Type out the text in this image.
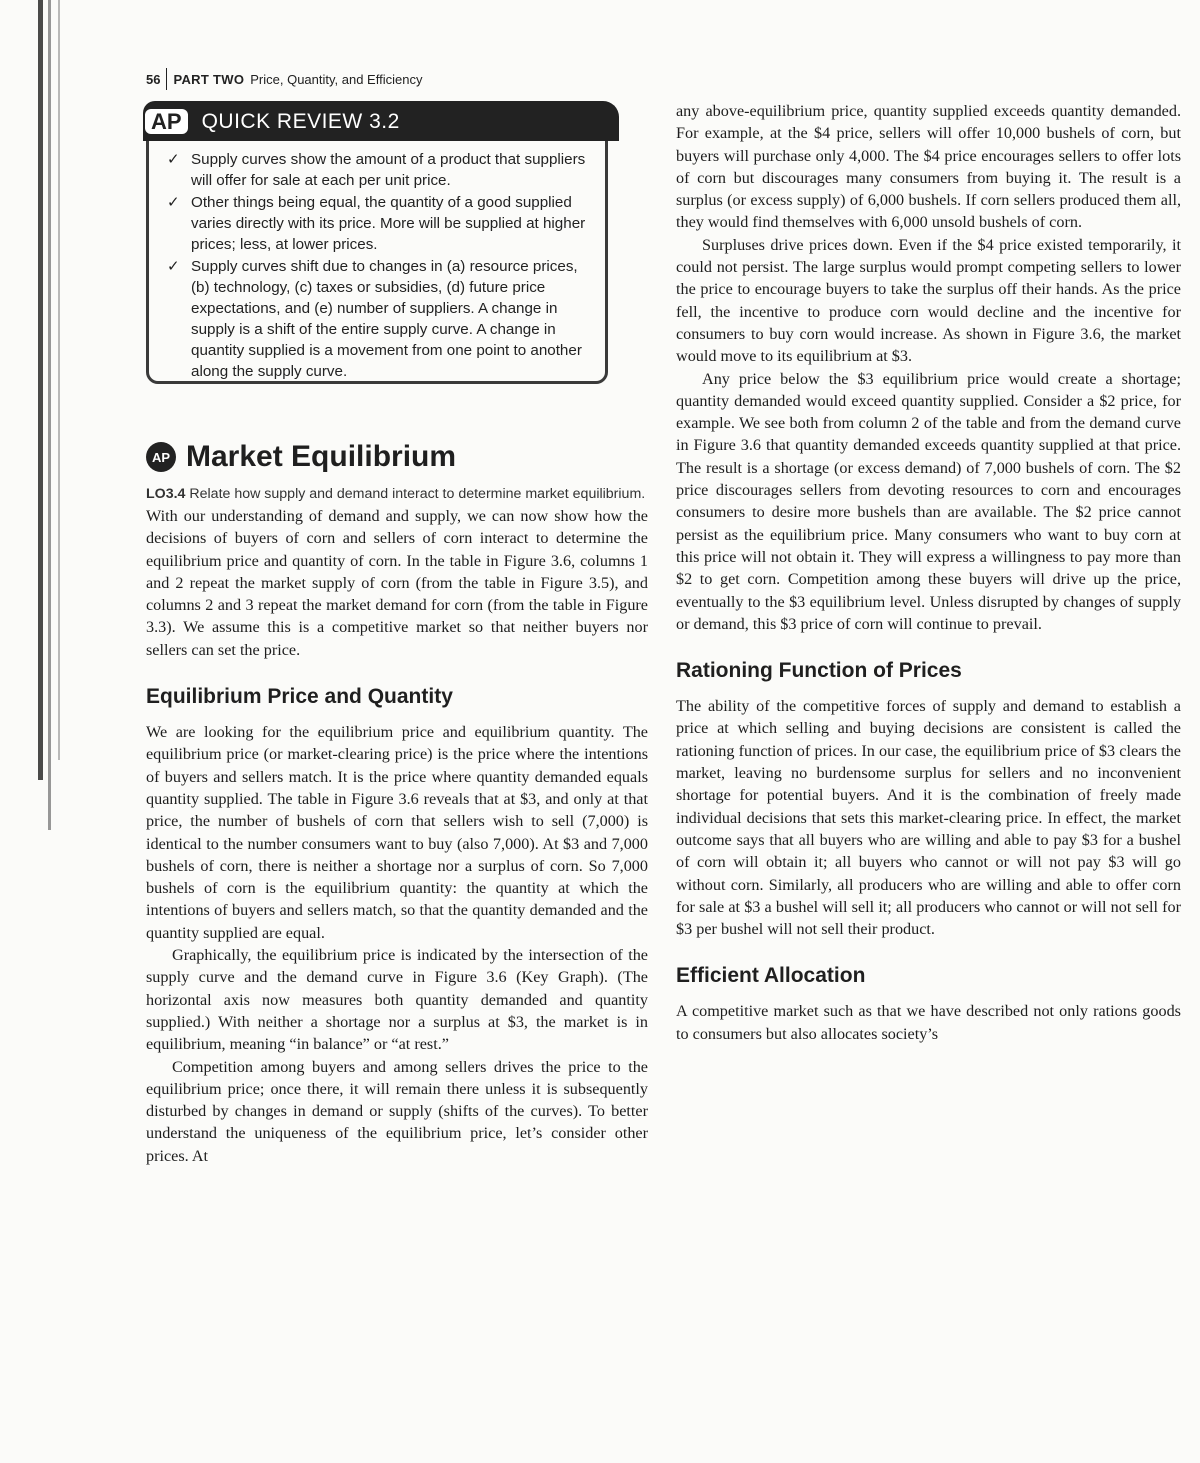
56 PART TWO Price, Quantity, and Efficiency
AP QUICK REVIEW 3.2
✓ Supply curves show the amount of a product that suppliers will offer for sale at each per unit price.
✓ Other things being equal, the quantity of a good supplied varies directly with its price. More will be supplied at higher prices; less, at lower prices.
✓ Supply curves shift due to changes in (a) resource prices, (b) technology, (c) taxes or subsidies, (d) future price expectations, and (e) number of suppliers. A change in supply is a shift of the entire supply curve. A change in quantity supplied is a movement from one point to another along the supply curve.
AP Market Equilibrium
LO3.4 Relate how supply and demand interact to determine market equilibrium.

With our understanding of demand and supply, we can now show how the decisions of buyers of corn and sellers of corn interact to determine the equilibrium price and quantity of corn. In the table in Figure 3.6, columns 1 and 2 repeat the market supply of corn (from the table in Figure 3.5), and columns 2 and 3 repeat the market demand for corn (from the table in Figure 3.3). We assume this is a competitive market so that neither buyers nor sellers can set the price.

Equilibrium Price and Quantity

We are looking for the equilibrium price and equilibrium quantity. The equilibrium price (or market-clearing price) is the price where the intentions of buyers and sellers match. It is the price where quantity demanded equals quantity supplied. The table in Figure 3.6 reveals that at $3, and only at that price, the number of bushels of corn that sellers wish to sell (7,000) is identical to the number consumers want to buy (also 7,000). At $3 and 7,000 bushels of corn, there is neither a shortage nor a surplus of corn. So 7,000 bushels of corn is the equilibrium quantity: the quantity at which the intentions of buyers and sellers match, so that the quantity demanded and the quantity supplied are equal.

Graphically, the equilibrium price is indicated by the intersection of the supply curve and the demand curve in Figure 3.6 (Key Graph). (The horizontal axis now measures both quantity demanded and quantity supplied.) With neither a shortage nor a surplus at $3, the market is in equilibrium, meaning “in balance” or “at rest.”

Competition among buyers and among sellers drives the price to the equilibrium price; once there, it will remain there unless it is subsequently disturbed by changes in demand or supply (shifts of the curves). To better understand the uniqueness of the equilibrium price, let’s consider other prices. At

any above-equilibrium price, quantity supplied exceeds quantity demanded. For example, at the $4 price, sellers will offer 10,000 bushels of corn, but buyers will purchase only 4,000. The $4 price encourages sellers to offer lots of corn but discourages many consumers from buying it. The result is a surplus (or excess supply) of 6,000 bushels. If corn sellers produced them all, they would find themselves with 6,000 unsold bushels of corn.

Surpluses drive prices down. Even if the $4 price existed temporarily, it could not persist. The large surplus would prompt competing sellers to lower the price to encourage buyers to take the surplus off their hands. As the price fell, the incentive to produce corn would decline and the incentive for consumers to buy corn would increase. As shown in Figure 3.6, the market would move to its equilibrium at $3.

Any price below the $3 equilibrium price would create a shortage; quantity demanded would exceed quantity supplied. Consider a $2 price, for example. We see both from column 2 of the table and from the demand curve in Figure 3.6 that quantity demanded exceeds quantity supplied at that price. The result is a shortage (or excess demand) of 7,000 bushels of corn. The $2 price discourages sellers from devoting resources to corn and encourages consumers to desire more bushels than are available. The $2 price cannot persist as the equilibrium price. Many consumers who want to buy corn at this price will not obtain it. They will express a willingness to pay more than $2 to get corn. Competition among these buyers will drive up the price, eventually to the $3 equilibrium level. Unless disrupted by changes of supply or demand, this $3 price of corn will continue to prevail.

Rationing Function of Prices

The ability of the competitive forces of supply and demand to establish a price at which selling and buying decisions are consistent is called the rationing function of prices. In our case, the equilibrium price of $3 clears the market, leaving no burdensome surplus for sellers and no inconvenient shortage for potential buyers. And it is the combination of freely made individual decisions that sets this market-clearing price. In effect, the market outcome says that all buyers who are willing and able to pay $3 for a bushel of corn will obtain it; all buyers who cannot or will not pay $3 will go without corn. Similarly, all producers who are willing and able to offer corn for sale at $3 a bushel will sell it; all producers who cannot or will not sell for $3 per bushel will not sell their product.

Efficient Allocation

A competitive market such as that we have described not only rations goods to consumers but also allocates society’s
